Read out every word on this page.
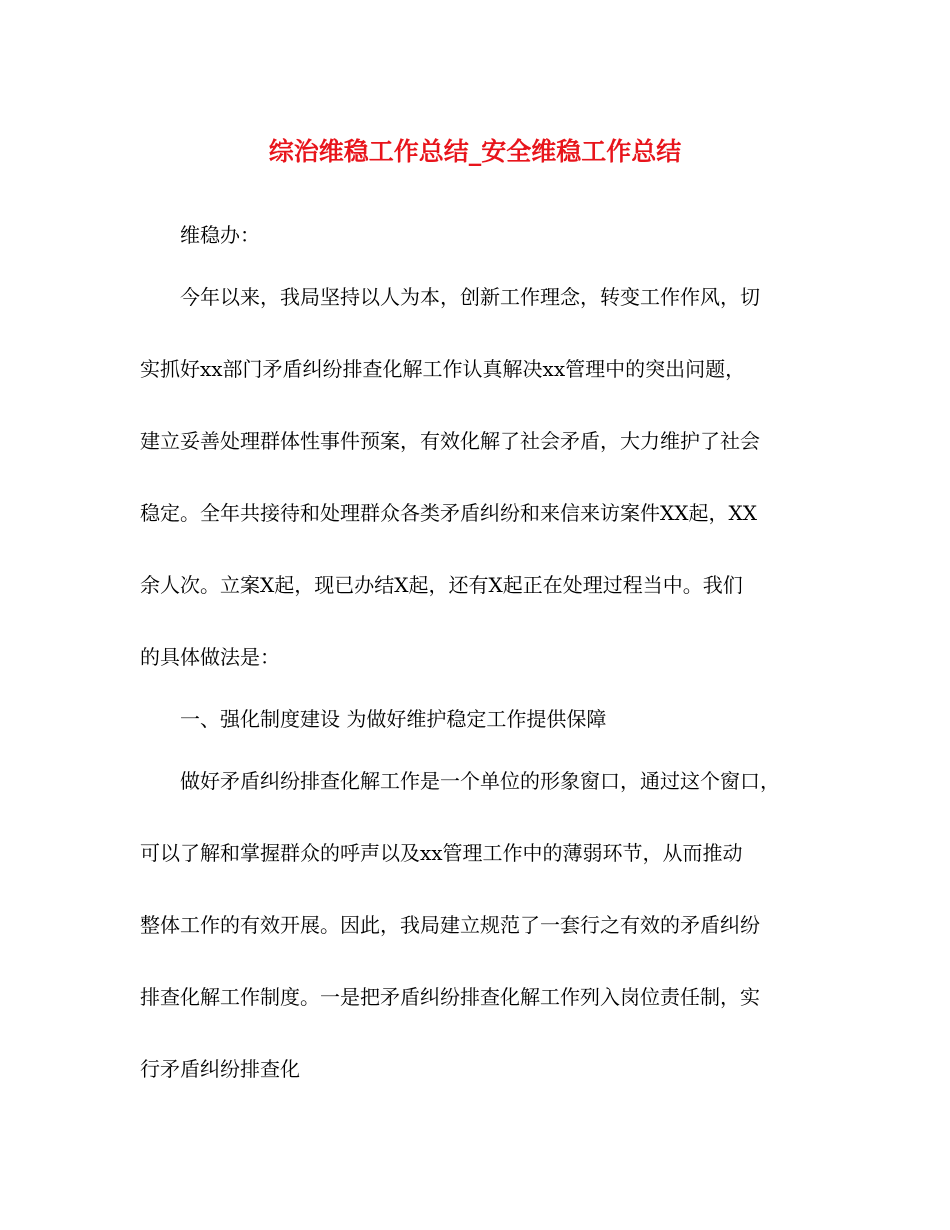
综治维稳工作总结_安全维稳工作总结

维稳办：

今年以来，我局坚持以人为本，创新工作理念，转变工作作风，切

实抓好xx部门矛盾纠纷排查化解工作认真解决xx管理中的突出问题，

建立妥善处理群体性事件预案，有效化解了社会矛盾，大力维护了社会

稳定。全年共接待和处理群众各类矛盾纠纷和来信来访案件XX起，XX

余人次。立案X起，现已办结X起，还有X起正在处理过程当中。我们

的具体做法是：

一、强化制度建设 为做好维护稳定工作提供保障

做好矛盾纠纷排查化解工作是一个单位的形象窗口，通过这个窗口，

可以了解和掌握群众的呼声以及xx管理工作中的薄弱环节，从而推动

整体工作的有效开展。因此，我局建立规范了一套行之有效的矛盾纠纷

排查化解工作制度。一是把矛盾纠纷排查化解工作列入岗位责任制，实

行矛盾纠纷排查化
